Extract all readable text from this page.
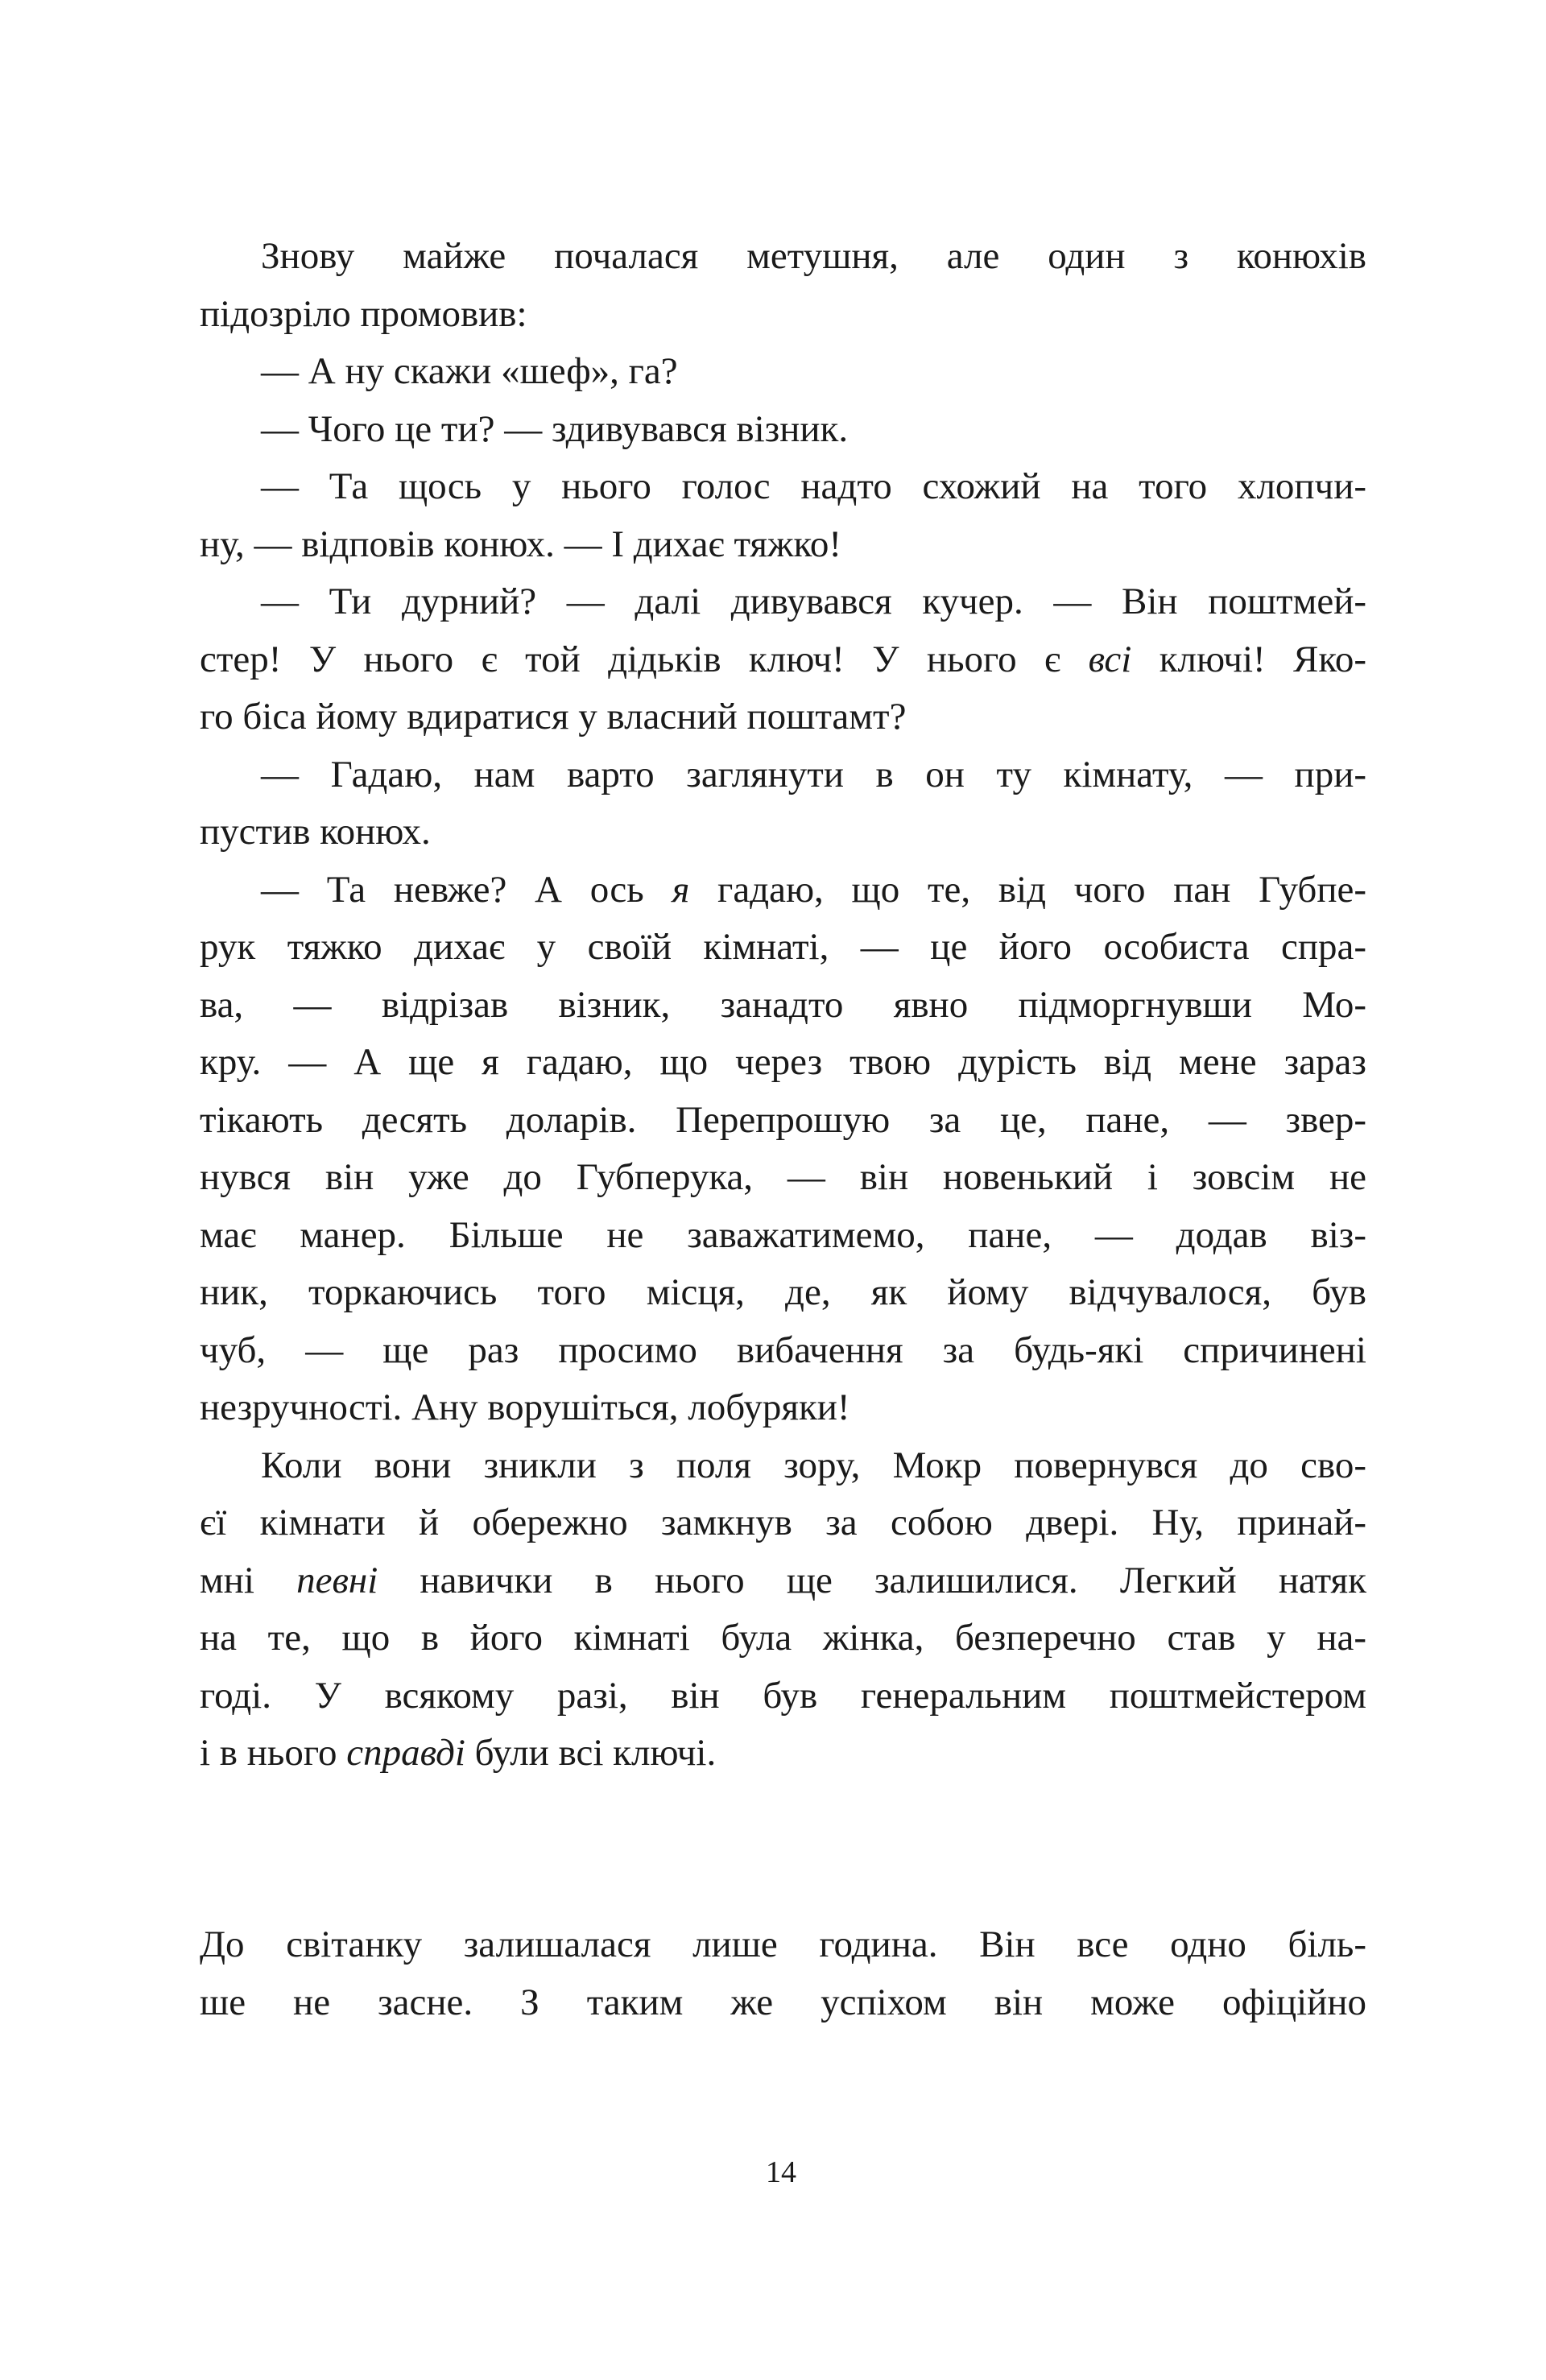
Знову майже почалася метушня, але один з конюхів
підозріло промовив:
— А ну скажи «шеф», га?
— Чого це ти? — здивувався візник.
— Та щось у нього голос надто схожий на того хлопчи-
ну, — відповів конюх. — І дихає тяжко!
— Ти дурний? — далі дивувався кучер. — Він поштмей-
стер! У нього є той дідьків ключ! У нього є всі ключі! Яко-
го біса йому вдиратися у власний поштамт?
— Гадаю, нам варто заглянути в он ту кімнату, — при-
пустив конюх.
— Та невже? А ось я гадаю, що те, від чого пан Губпе-
рук тяжко дихає у своїй кімнаті, — це його особиста спра-
ва, — відрізав візник, занадто явно підморгнувши Мо-
кру. — А ще я гадаю, що через твою дурість від мене зараз
тікають десять доларів. Перепрошую за це, пане, — звер-
нувся він уже до Губперука, — він новенький і зовсім не
має манер. Більше не заважатимемо, пане, — додав віз-
ник, торкаючись того місця, де, як йому відчувалося, був
чуб, — ще раз просимо вибачення за будь-які спричинені
незручності. Ану ворушіться, лобуряки!
Коли вони зникли з поля зору, Мокр повернувся до сво-
єї кімнати й обережно замкнув за собою двері. Ну, принай-
мні певні навички в нього ще залишилися. Легкий натяк
на те, що в його кімнаті була жінка, безперечно став у на-
годі. У всякому разі, він був генеральним поштмейстером
і в нього справді були всі ключі.
До світанку залишалася лише година. Він все одно біль-
ше не засне. З таким же успіхом він може офіційно
14
